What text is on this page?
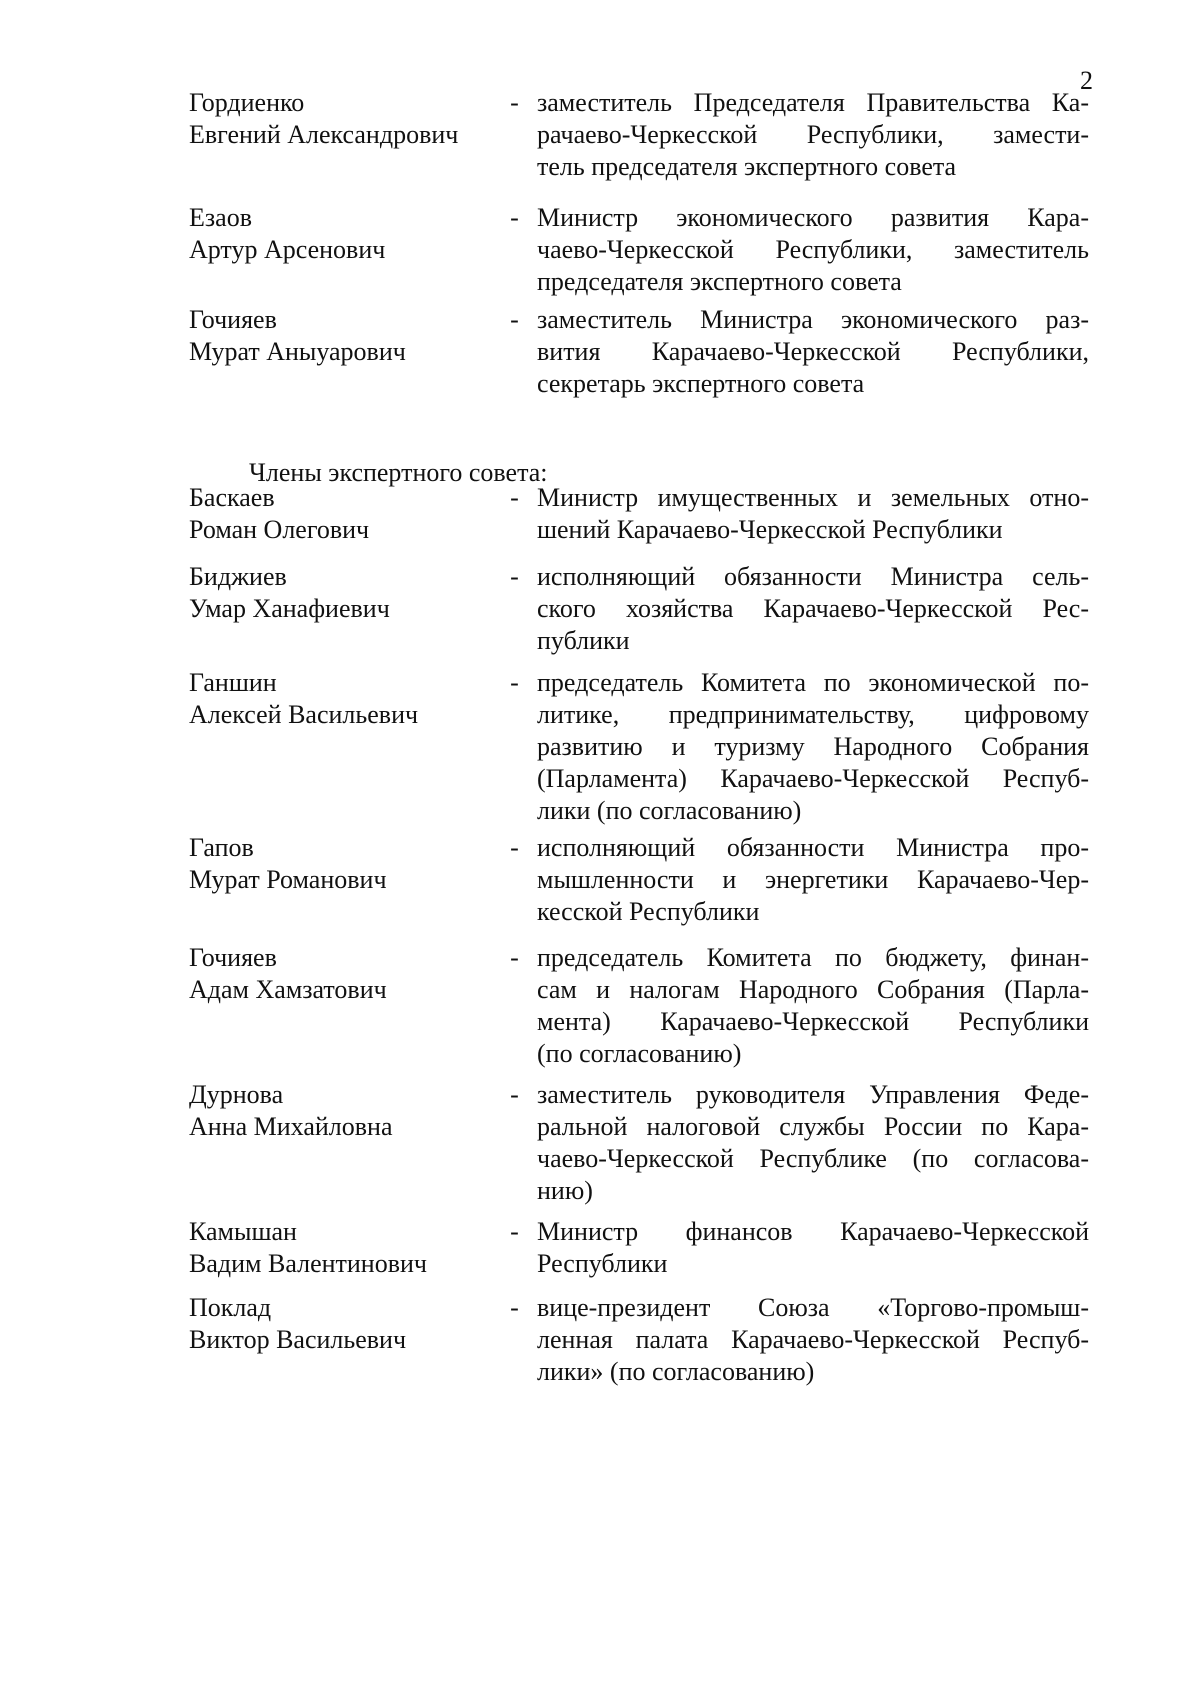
2
Гордиенко
Евгений Александрович
- заместитель Председателя Правительства Ка-
рачаево-Черкесской Республики, замести-
тель председателя экспертного совета
Езаов
Артур Арсенович
- Министр экономического развития Кара-
чаево-Черкесской Республики, заместитель
председателя экспертного совета
Гочияев
Мурат Аныуарович
- заместитель Министра экономического раз-
вития Карачаево-Черкесской Республики,
секретарь экспертного совета
Члены экспертного совета:
Баскаев
Роман Олегович
- Министр имущественных и земельных отно-
шений Карачаево-Черкесской Республики
Биджиев
Умар Ханафиевич
- исполняющий обязанности Министра сель-
ского хозяйства Карачаево-Черкесской Рес-
публики
Ганшин
Алексей Васильевич
- председатель Комитета по экономической по-
литике, предпринимательству, цифровому
развитию и туризму Народного Собрания
(Парламента) Карачаево-Черкесской Респуб-
лики (по согласованию)
Гапов
Мурат Романович
- исполняющий обязанности Министра про-
мышленности и энергетики Карачаево-Чер-
кесской Республики
Гочияев
Адам Хамзатович
- председатель Комитета по бюджету, финан-
сам и налогам Народного Собрания (Парла-
мента) Карачаево-Черкесской Республики
(по согласованию)
Дурнова
Анна Михайловна
- заместитель руководителя Управления Феде-
ральной налоговой службы России по Кара-
чаево-Черкесской Республике (по согласова-
нию)
Камышан
Вадим Валентинович
- Министр финансов Карачаево-Черкесской
Республики
Поклад
Виктор Васильевич
- вице-президент Союза «Торгово-промыш-
ленная палата Карачаево-Черкесской Респуб-
лики» (по согласованию)
